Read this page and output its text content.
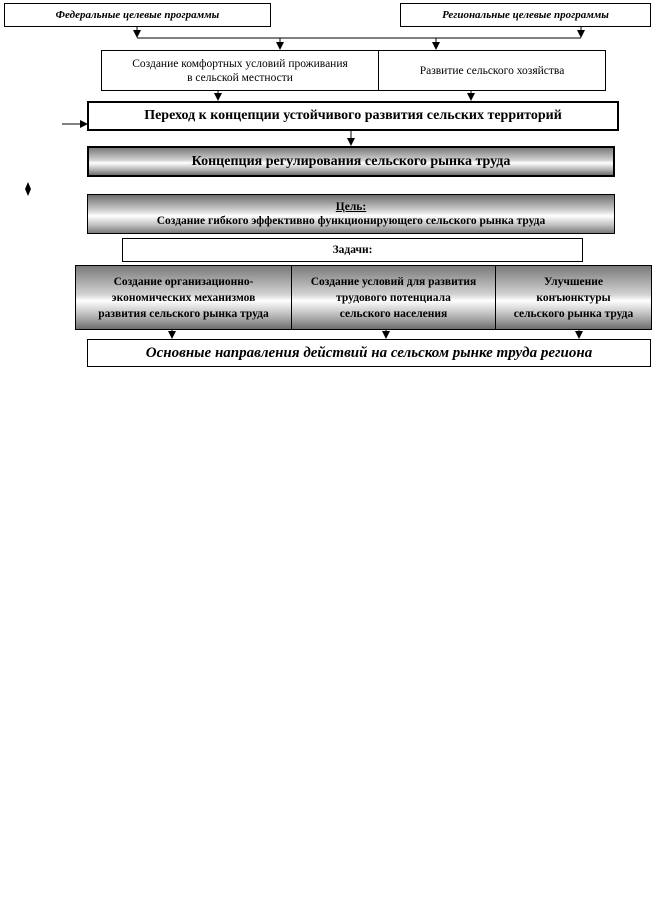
Федеральные целевые программы	Региональные целевые программы
Создание комфортных условий проживания
в сельской местности
Развитие сельского хозяйства
Переход к концепции устойчивого развития сельских территорий
Концепция регулирования сельского рынка труда
Цель:
Создание гибкого эффективно функционирующего сельского рынка труда
Задачи:
Создание организационно-
экономических механизмов
развития сельского рынка труда
Создание условий для развития
трудового потенциала
сельского населения
Улучшение
конъюнктуры
сельского рынка труда
Основные направления действий на сельском рынке труда региона
